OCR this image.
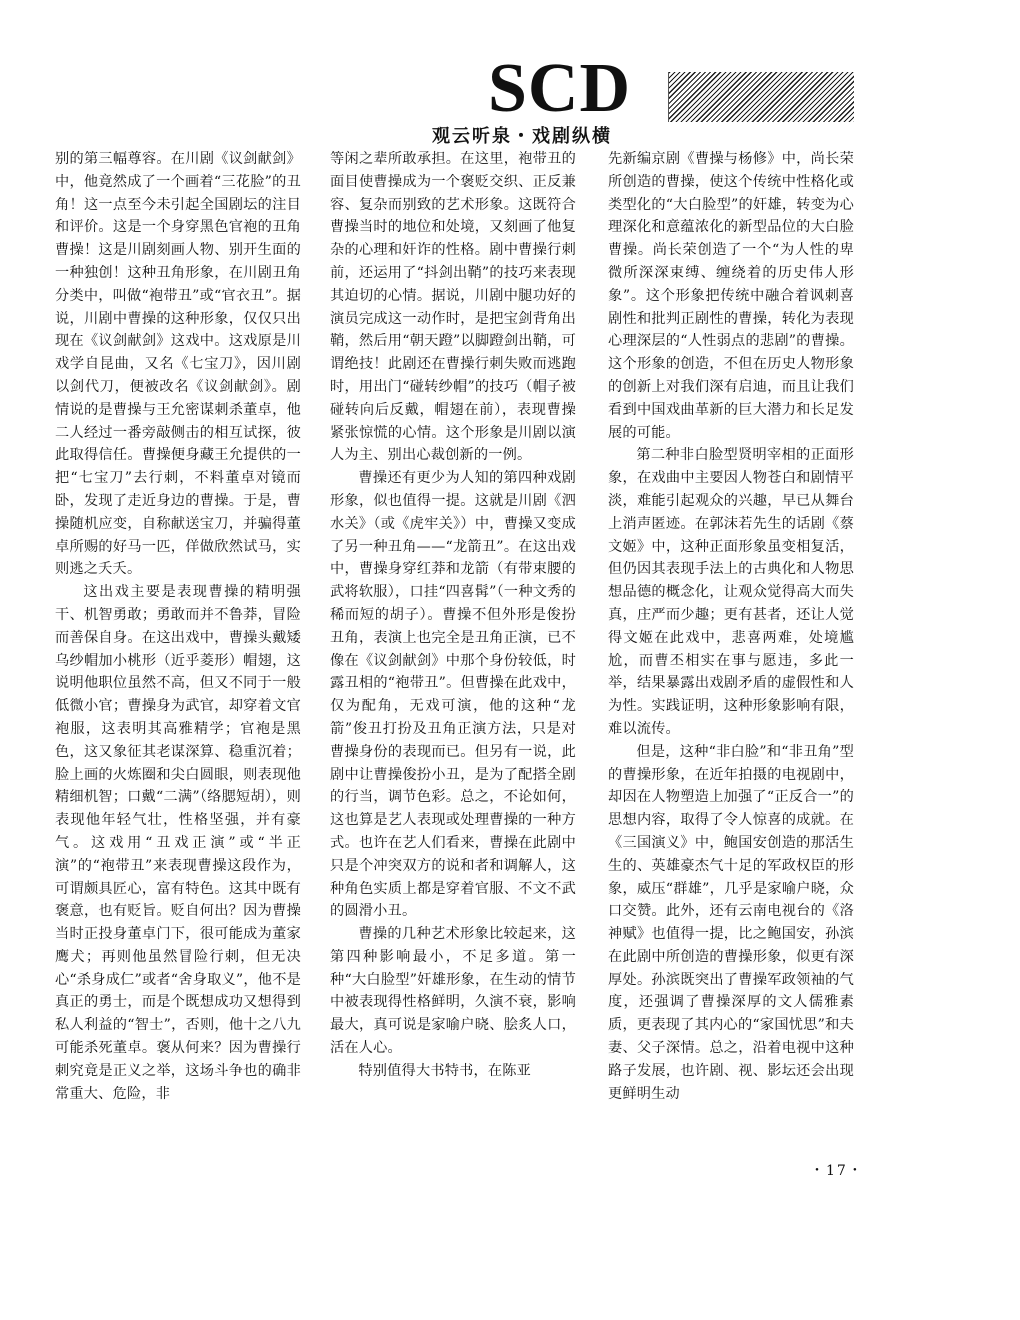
SCD
观云听泉・戏剧纵横

别的第三幅尊容。在川剧《议剑献剑》中，他竟然成了一个画着“三花脸”的丑角！这一点至今未引起全国剧坛的注目和评价。这是一个身穿黑色官袍的丑角曹操！这是川剧刻画人物、别开生面的一种独创！这种丑角形象，在川剧丑角分类中，叫做“袍带丑”或“官衣丑”。据说，川剧中曹操的这种形象，仅仅只出现在《议剑献剑》这戏中。这戏原是川戏学自昆曲，又名《七宝刀》，因川剧以剑代刀，便被改名《议剑献剑》。剧情说的是曹操与王允密谋刺杀董卓，他二人经过一番旁敲侧击的相互试探，彼此取得信任。曹操便身藏王允提供的一把“七宝刀”去行刺，不料董卓对镜而卧，发现了走近身边的曹操。于是，曹操随机应变，自称献送宝刀，并骗得董卓所赐的好马一匹，佯做欣然试马，实则逃之夭夭。

这出戏主要是表现曹操的精明强干、机智勇敢；勇敢而并不鲁莽，冒险而善保自身。在这出戏中，曹操头戴矮乌纱帽加小桃形（近乎菱形）帽翅，这说明他职位虽然不高，但又不同于一般低微小官；曹操身为武官，却穿着文官袍服，这表明其高雅精学；官袍是黑色，这又象征其老谋深算、稳重沉着；脸上画的火炼圈和尖白圆眼，则表现他精细机智；口戴“二满”（络腮短胡），则表现他年轻气壮，性格坚强，并有豪气。这戏用“丑戏正演”或“半正演”的“袍带丑”来表现曹操这段作为，可谓颇具匠心，富有特色。这其中既有褒意，也有贬旨。贬自何出？因为曹操当时正投身董卓门下，很可能成为董家鹰犬；再则他虽然冒险行刺，但无决心“杀身成仁”或者“舍身取义”，他不是真正的勇士，而是个既想成功又想得到私人利益的“智士”，否则，他十之八九可能杀死董卓。褒从何来？因为曹操行刺究竟是正义之举，这场斗争也的确非常重大、危险，非

等闲之辈所敢承担。在这里，袍带丑的面目使曹操成为一个褒贬交织、正反兼容、复杂而别致的艺术形象。这既符合曹操当时的地位和处境，又刻画了他复杂的心理和奸诈的性格。剧中曹操行刺前，还运用了“抖剑出鞘”的技巧来表现其迫切的心情。据说，川剧中腿功好的演员完成这一动作时，是把宝剑背角出鞘，然后用“朝天蹬”以脚蹬剑出鞘，可谓绝技！此剧还在曹操行刺失败而逃跑时，用出门“碰转纱帽”的技巧（帽子被碰转向后反戴，帽翅在前），表现曹操紧张惊慌的心情。这个形象是川剧以演人为主、别出心裁创新的一例。

曹操还有更少为人知的第四种戏剧形象，似也值得一提。这就是川剧《泗水关》（或《虎牢关》）中，曹操又变成了另一种丑角——“龙箭丑”。在这出戏中，曹操身穿红莽和龙箭（有带束腰的武将软服），口挂“四喜髯”（一种文秀的稀而短的胡子）。曹操不但外形是俊扮丑角，表演上也完全是丑角正演，已不像在《议剑献剑》中那个身份较低，时露丑相的“袍带丑”。但曹操在此戏中，仅为配角，无戏可演，他的这种“龙箭”俊丑打扮及丑角正演方法，只是对曹操身份的表现而已。但另有一说，此剧中让曹操俊扮小丑，是为了配搭全剧的行当，调节色彩。总之，不论如何，这也算是艺人表现或处理曹操的一种方式。也许在艺人们看来，曹操在此剧中只是个冲突双方的说和者和调解人，这种角色实质上都是穿着官服、不文不武的圆滑小丑。

曹操的几种艺术形象比较起来，这第四种影响最小，不足多道。第一种“大白脸型”奸雄形象，在生动的情节中被表现得性格鲜明，久演不衰，影响最大，真可说是家喻户晓、脍炙人口，活在人心。

特别值得大书特书，在陈亚

先新编京剧《曹操与杨修》中，尚长荣所创造的曹操，使这个传统中性格化或类型化的“大白脸型”的奸雄，转变为心理深化和意蕴浓化的新型品位的大白脸曹操。尚长荣创造了一个“为人性的卑微所深深束缚、缠绕着的历史伟人形象”。这个形象把传统中融合着讽刺喜剧性和批判正剧性的曹操，转化为表现心理深层的“人性弱点的悲剧”的曹操。这个形象的创造，不但在历史人物形象的创新上对我们深有启迪，而且让我们看到中国戏曲革新的巨大潜力和长足发展的可能。

第二种非白脸型贤明宰相的正面形象，在戏曲中主要因人物苍白和剧情平淡，难能引起观众的兴趣，早已从舞台上消声匿迹。在郭沫若先生的话剧《蔡文姬》中，这种正面形象虽变相复活，但仍因其表现手法上的古典化和人物思想品德的概念化，让观众觉得高大而失真，庄严而少趣；更有甚者，还让人觉得文姬在此戏中，悲喜两难，处境尴尬，而曹丕相实在事与愿违，多此一举，结果暴露出戏剧矛盾的虚假性和人为性。实践证明，这种形象影响有限，难以流传。

但是，这种“非白脸”和“非丑角”型的曹操形象，在近年拍摄的电视剧中，却因在人物塑造上加强了“正反合一”的思想内容，取得了令人惊喜的成就。在《三国演义》中，鲍国安创造的那活生生的、英雄豪杰气十足的军政权臣的形象，威压“群雄”，几乎是家喻户晓，众口交赞。此外，还有云南电视台的《洛神赋》也值得一提，比之鲍国安，孙滨在此剧中所创造的曹操形象，似更有深厚处。孙滨既突出了曹操军政领袖的气度，还强调了曹操深厚的文人儒雅素质，更表现了其内心的“家国忧思”和夫妻、父子深情。总之，沿着电视中这种路子发展，也许剧、视、影坛还会出现更鲜明生动

・17・
